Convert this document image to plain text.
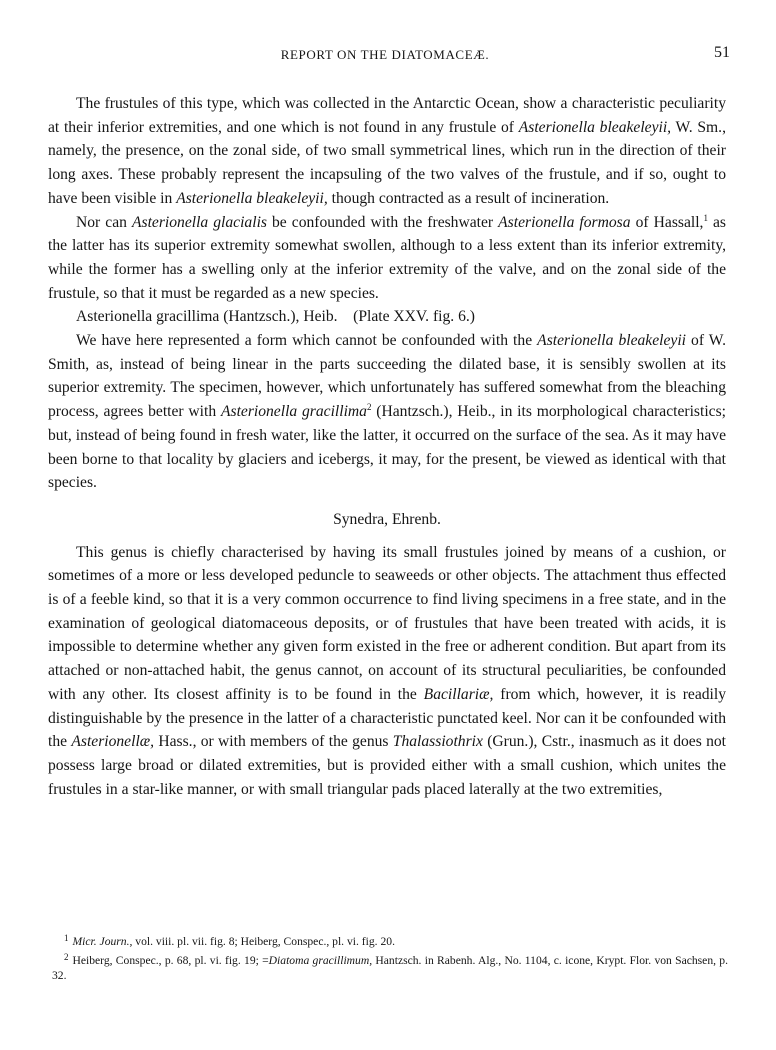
REPORT ON THE DIATOMACEÆ.	51

The frustules of this type, which was collected in the Antarctic Ocean, show a characteristic peculiarity at their inferior extremities, and one which is not found in any frustule of Asterionella bleakeleyii, W. Sm., namely, the presence, on the zonal side, of two small symmetrical lines, which run in the direction of their long axes. These probably represent the incapsuling of the two valves of the frustule, and if so, ought to have been visible in Asterionella bleakeleyii, though contracted as a result of incineration.

Nor can Asterionella glacialis be confounded with the freshwater Asterionella formosa of Hassall,$^1$ as the latter has its superior extremity somewhat swollen, although to a less extent than its inferior extremity, while the former has a swelling only at the inferior extremity of the valve, and on the zonal side of the frustule, so that it must be regarded as a new species.

Asterionella gracillima (Hantzsch.), Heib. (Plate XXV. fig. 6.)

We have here represented a form which cannot be confounded with the Asterionella bleakeleyii of W. Smith, as, instead of being linear in the parts succeeding the dilated base, it is sensibly swollen at its superior extremity. The specimen, however, which unfortunately has suffered somewhat from the bleaching process, agrees better with Asterionella gracillima$^2$ (Hantzsch.), Heib., in its morphological characteristics; but, instead of being found in fresh water, like the latter, it occurred on the surface of the sea. As it may have been borne to that locality by glaciers and icebergs, it may, for the present, be viewed as identical with that species.

Synedra, Ehrenb.

This genus is chiefly characterised by having its small frustules joined by means of a cushion, or sometimes of a more or less developed peduncle to seaweeds or other objects. The attachment thus effected is of a feeble kind, so that it is a very common occurrence to find living specimens in a free state, and in the examination of geological diatomaceous deposits, or of frustules that have been treated with acids, it is impossible to determine whether any given form existed in the free or adherent condition. But apart from its attached or non-attached habit, the genus cannot, on account of its structural peculiarities, be confounded with any other. Its closest affinity is to be found in the Bacillariæ, from which, however, it is readily distinguishable by the presence in the latter of a characteristic punctated keel. Nor can it be confounded with the Asterionellæ, Hass., or with members of the genus Thalassiothrix (Grun.), Cstr., inasmuch as it does not possess large broad or dilated extremities, but is provided either with a small cushion, which unites the frustules in a star-like manner, or with small triangular pads placed laterally at the two extremities,

$^1$ Micr. Journ., vol. viii. pl. vii. fig. 8; Heiberg, Conspec., pl. vi. fig. 20.

$^2$ Heiberg, Conspec., p. 68, pl. vi. fig. 19; =Diatoma gracillimum, Hantzsch. in Rabenh. Alg., No. 1104, c. icone, Krypt. Flor. von Sachsen, p. 32.
